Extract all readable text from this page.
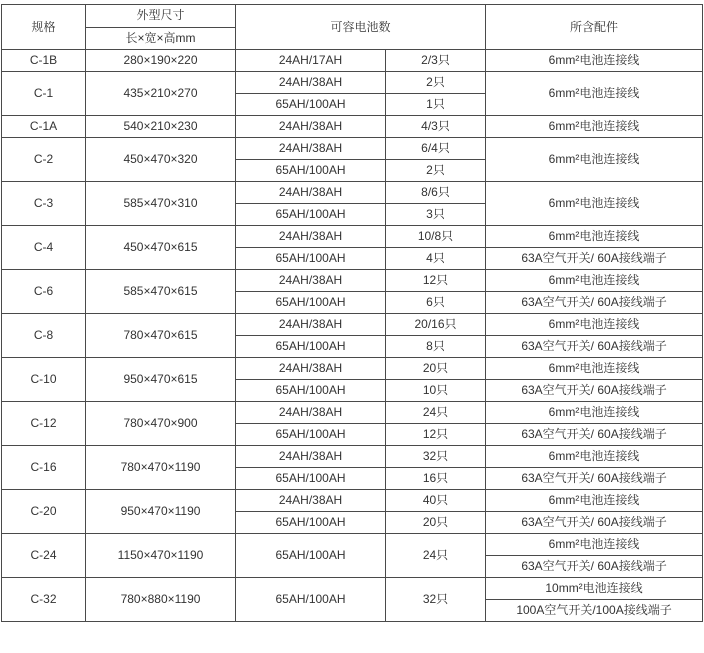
规格	外型尺寸	可容电池数		所含配件
	长×宽×高mm			
C-1B	280×190×220	24AH/17AH	2/3只	6mm²电池连接线
C-1	435×210×270	24AH/38AH	2只	6mm²电池连接线
		65AH/100AH	1只	
C-1A	540×210×230	24AH/38AH	4/3只	6mm²电池连接线
C-2	450×470×320	24AH/38AH	6/4只	6mm²电池连接线
		65AH/100AH	2只	
C-3	585×470×310	24AH/38AH	8/6只	6mm²电池连接线
		65AH/100AH	3只	
C-4	450×470×615	24AH/38AH	10/8只	6mm²电池连接线
		65AH/100AH	4只	63A空气开关/ 60A接线端子
C-6	585×470×615	24AH/38AH	12只	6mm²电池连接线
		65AH/100AH	6只	63A空气开关/ 60A接线端子
C-8	780×470×615	24AH/38AH	20/16只	6mm²电池连接线
		65AH/100AH	8只	63A空气开关/ 60A接线端子
C-10	950×470×615	24AH/38AH	20只	6mm²电池连接线
		65AH/100AH	10只	63A空气开关/ 60A接线端子
C-12	780×470×900	24AH/38AH	24只	6mm²电池连接线
		65AH/100AH	12只	63A空气开关/ 60A接线端子
C-16	780×470×1190	24AH/38AH	32只	6mm²电池连接线
		65AH/100AH	16只	63A空气开关/ 60A接线端子
C-20	950×470×1190	24AH/38AH	40只	6mm²电池连接线
		65AH/100AH	20只	63A空气开关/ 60A接线端子
C-24	1150×470×1190	65AH/100AH	24只	6mm²电池连接线
				63A空气开关/ 60A接线端子
C-32	780×880×1190	65AH/100AH	32只	10mm²电池连接线
				100A空气开关/100A接线端子
